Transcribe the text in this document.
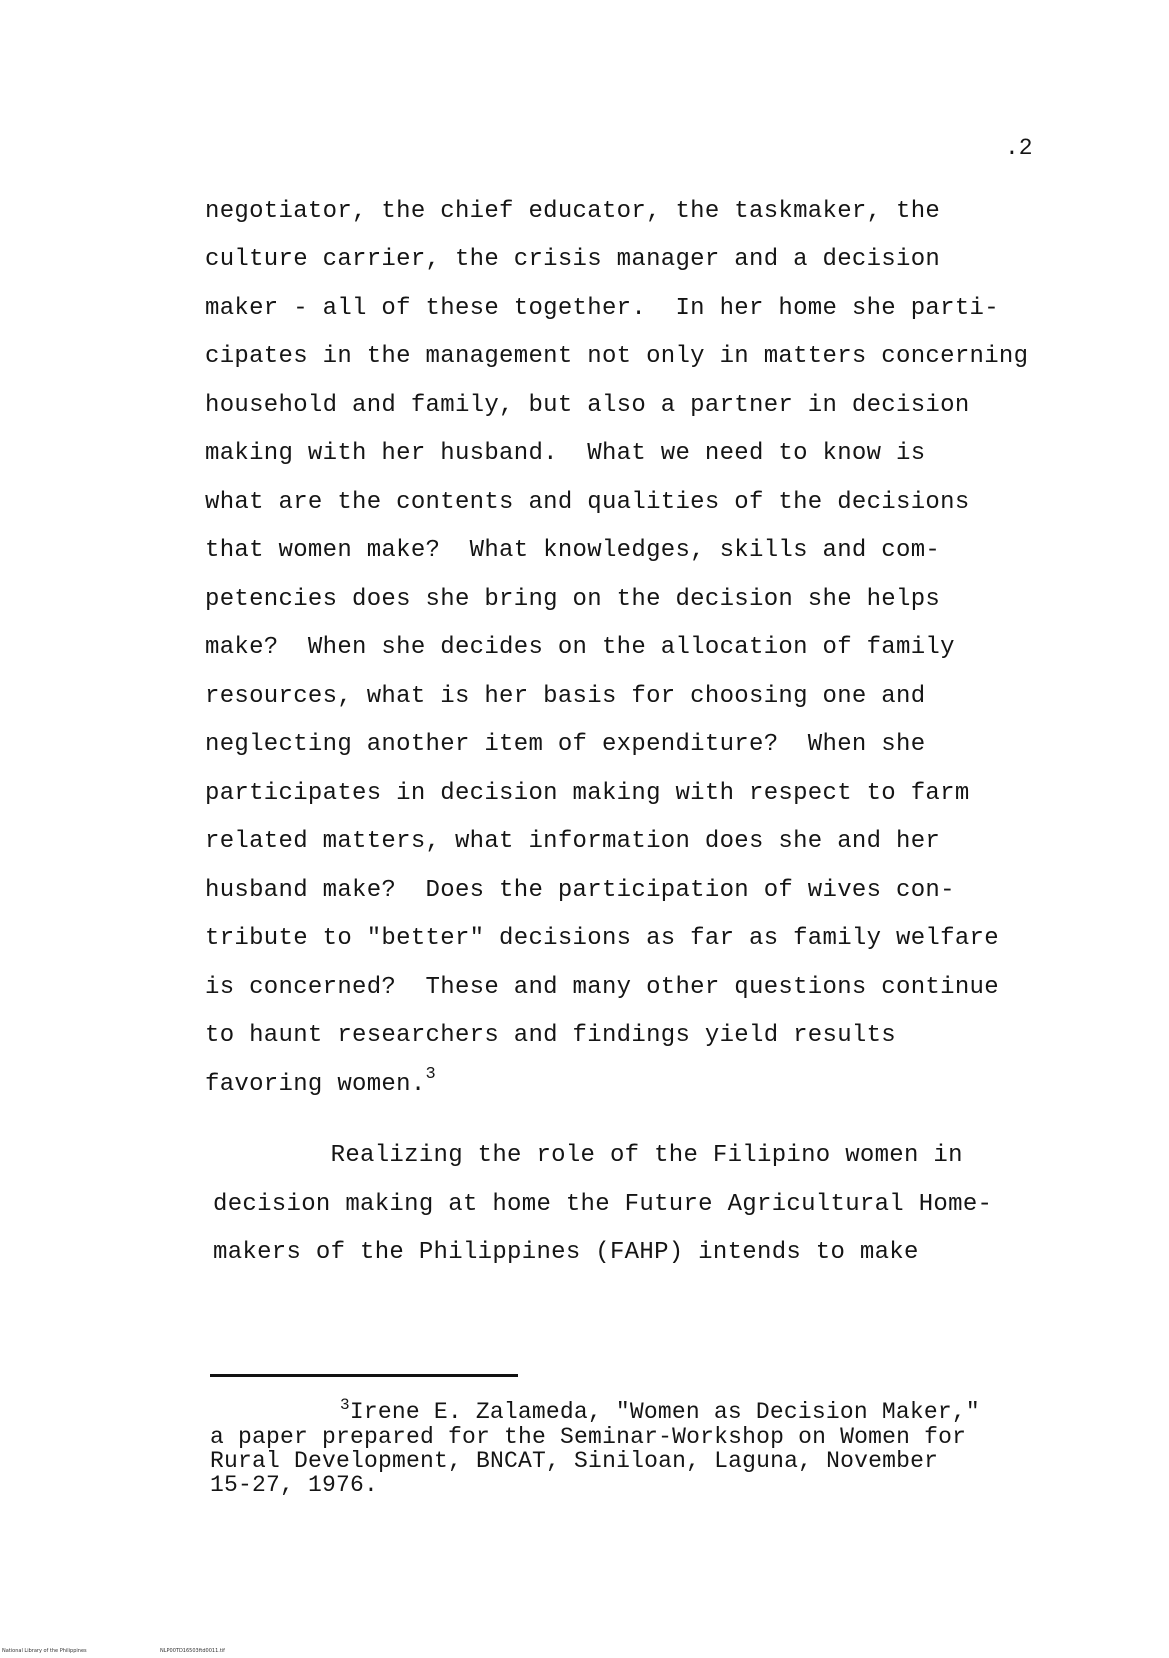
.2
negotiator, the chief educator, the taskmaker, the
culture carrier, the crisis manager and a decision
maker - all of these together.  In her home she parti-
cipates in the management not only in matters concerning
household and family, but also a partner in decision
making with her husband.  What we need to know is
what are the contents and qualities of the decisions
that women make?  What knowledges, skills and com-
petencies does she bring on the decision she helps
make?  When she decides on the allocation of family
resources, what is her basis for choosing one and
neglecting another item of expenditure?  When she
participates in decision making with respect to farm
related matters, what information does she and her
husband make?  Does the participation of wives con-
tribute to "better" decisions as far as family welfare
is concerned?  These and many other questions continue
to haunt researchers and findings yield results
favoring women.$^3$
Realizing the role of the Filipino women in
decision making at home the Future Agricultural Home-
makers of the Philippines (FAHP) intends to make
$^3$Irene E. Zalameda, "Women as Decision Maker,"
a paper prepared for the Seminar-Workshop on Women for
Rural Development, BNCAT, Siniloan, Laguna, November
15-27, 1976.
National Library of the Philippines	NLP00TD16503ftd0011.tif
